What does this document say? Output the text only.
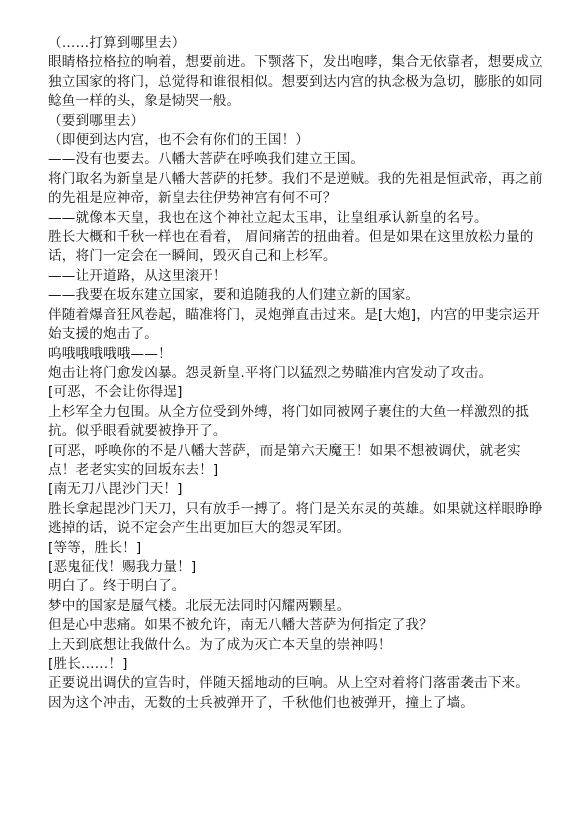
（……打算到哪里去）

眼睛格拉格拉的响着，想要前进。下颚落下，发出咆哮，集合无依靠者，想要成立独立国家的将门，总觉得和谁很相似。想要到达内宫的执念极为急切，膨胀的如同鲶鱼一样的头，象是恸哭一般。

（要到哪里去）

（即便到达内宫，也不会有你们的王国！）

——没有也要去。八幡大菩萨在呼唤我们建立王国。

将门取名为新皇是八幡大菩萨的托梦。我们不是逆贼。我的先祖是恒武帝，再之前的先祖是应神帝，新皇去往伊势神宫有何不可？

——就像本天皇，我也在这个神社立起太玉串，让皇组承认新皇的名号。

胜长大概和千秋一样也在看着， 眉间痛苦的扭曲着。但是如果在这里放松力量的话，将门一定会在一瞬间，毁灭自己和上杉军。

——让开道路，从这里滚开！

——我要在坂东建立国家，要和追随我的人们建立新的国家。

伴随着爆音狂风卷起，瞄准将门，灵炮弹直击过来。是[大炮]，内宫的甲斐宗运开始支援的炮击了。

呜哦哦哦哦哦——！

炮击让将门愈发凶暴。怨灵新皇.平将门以猛烈之势瞄准内宫发动了攻击。

[可恶，不会让你得逞]

上杉军全力包围。从全方位受到外缚，将门如同被网子裹住的大鱼一样激烈的抵抗。似乎眼看就要被挣开了。

[可恶，呼唤你的不是八幡大菩萨，而是第六天魔王！如果不想被调伏，就老实点！老老实实的回坂东去！]

[南无刀八毘沙门天！]

胜长拿起毘沙门天刀，只有放手一搏了。将门是关东灵的英雄。如果就这样眼睁睁逃掉的话，说不定会产生出更加巨大的怨灵军团。

[等等，胜长！]

[恶鬼征伐！赐我力量！]

明白了。终于明白了。

梦中的国家是蜃气楼。北辰无法同时闪耀两颗星。

但是心中悲痛。如果不被允许，南无八幡大菩萨为何指定了我？

上天到底想让我做什么。为了成为灭亡本天皇的崇神吗！

[胜长……！]

正要说出调伏的宣告时，伴随天摇地动的巨响。从上空对着将门落雷袭击下来。

因为这个冲击，无数的士兵被弹开了，千秋他们也被弹开，撞上了墙。
